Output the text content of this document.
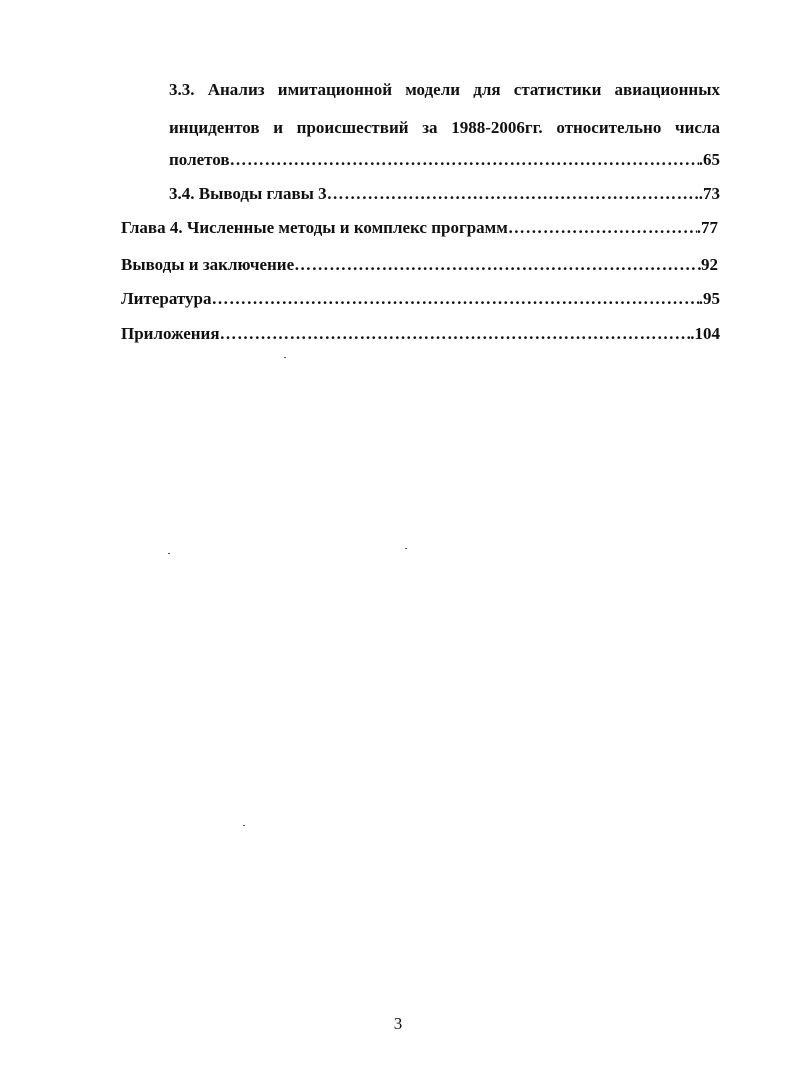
3.3. Анализ имитационной модели для статистики авиационных
инцидентов и происшествий за 1988-2006гг. относительно числа
полетов ………………………………………………………………………………………………………………………………………………………………………………………………	.65
3.4. Выводы главы 3 ………………………………………………………………………………………………………………………………………………………………………………………………	..73
Глава 4. Численные методы и комплекс программ ………………………………………………………………………………………………………………………………………………………………………………………………	.77
Выводы и заключение ………………………………………………………………………………………………………………………………………………………………………………………………	92
Литература ………………………………………………………………………………………………………………………………………………………………………………………………	.95
Приложения ………………………………………………………………………………………………………………………………………………………………………………………………	.104
3
